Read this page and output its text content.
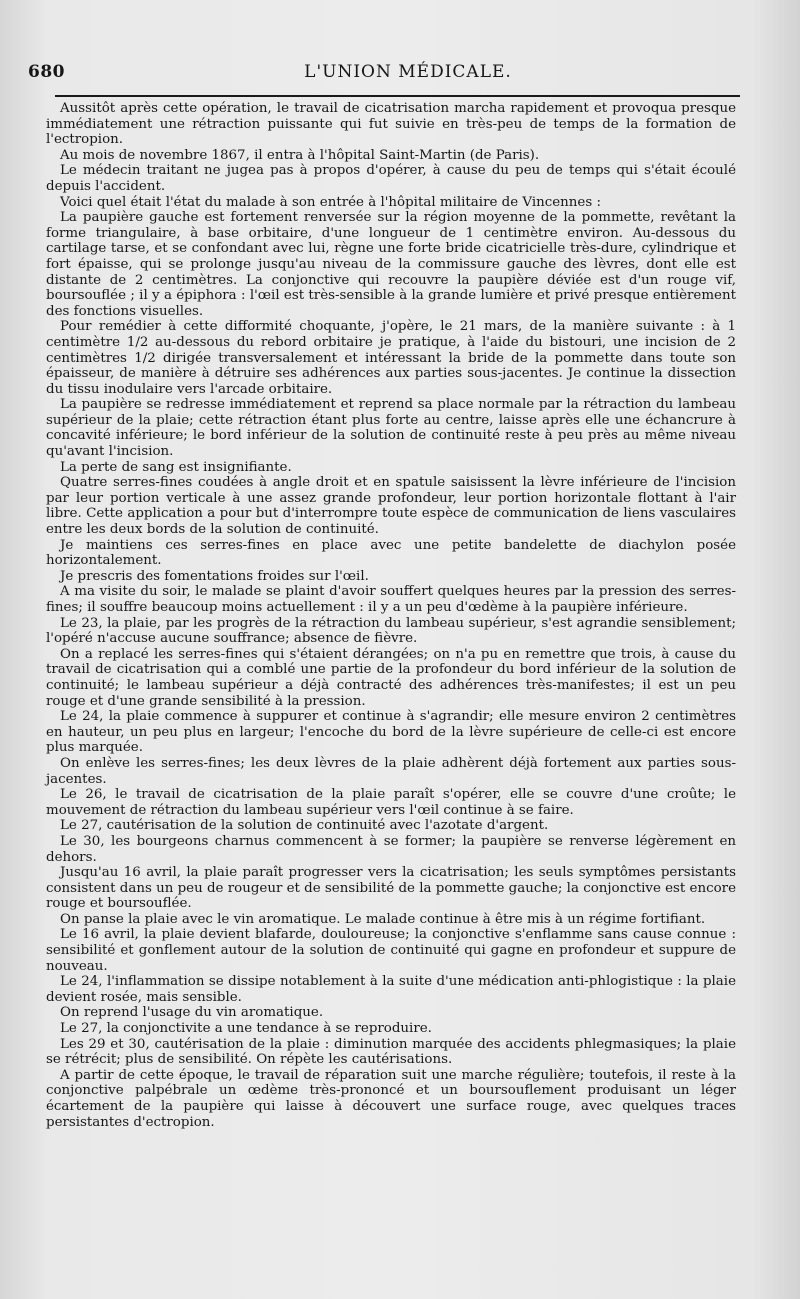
680	L'UNION MÉDICALE.

Aussitôt après cette opération, le travail de cicatrisation marcha rapidement et provoqua presque immédiatement une rétraction puissante qui fut suivie en très-peu de temps de la formation de l'ectropion.

Au mois de novembre 1867, il entra à l'hôpital Saint-Martin (de Paris).

Le médecin traitant ne jugea pas à propos d'opérer, à cause du peu de temps qui s'était écoulé depuis l'accident.

Voici quel était l'état du malade à son entrée à l'hôpital militaire de Vincennes :

La paupière gauche est fortement renversée sur la région moyenne de la pommette, revêtant la forme triangulaire, à base orbitaire, d'une longueur de 1 centimètre environ. Au-dessous du cartilage tarse, et se confondant avec lui, règne une forte bride cicatricielle très-dure, cylindrique et fort épaisse, qui se prolonge jusqu'au niveau de la commissure gauche des lèvres, dont elle est distante de 2 centimètres. La conjonctive qui recouvre la paupière déviée est d'un rouge vif, boursouflée ; il y a épiphora : l'œil est très-sensible à la grande lumière et privé presque entièrement des fonctions visuelles.

Pour remédier à cette difformité choquante, j'opère, le 21 mars, de la manière suivante : à 1 centimètre 1/2 au-dessous du rebord orbitaire je pratique, à l'aide du bistouri, une incision de 2 centimètres 1/2 dirigée transversalement et intéressant la bride de la pommette dans toute son épaisseur, de manière à détruire ses adhérences aux parties sous-jacentes. Je continue la dissection du tissu inodulaire vers l'arcade orbitaire.

La paupière se redresse immédiatement et reprend sa place normale par la rétraction du lambeau supérieur de la plaie; cette rétraction étant plus forte au centre, laisse après elle une échancrure à concavité inférieure; le bord inférieur de la solution de continuité reste à peu près au même niveau qu'avant l'incision.

La perte de sang est insignifiante.

Quatre serres-fines coudées à angle droit et en spatule saisissent la lèvre inférieure de l'incision par leur portion verticale à une assez grande profondeur, leur portion horizontale flottant à l'air libre. Cette application a pour but d'interrompre toute espèce de communication de liens vasculaires entre les deux bords de la solution de continuité.

Je maintiens ces serres-fines en place avec une petite bandelette de diachylon posée horizontalement.

Je prescris des fomentations froides sur l'œil.

A ma visite du soir, le malade se plaint d'avoir souffert quelques heures par la pression des serres-fines; il souffre beaucoup moins actuellement : il y a un peu d'œdème à la paupière inférieure.

Le 23, la plaie, par les progrès de la rétraction du lambeau supérieur, s'est agrandie sensiblement; l'opéré n'accuse aucune souffrance; absence de fièvre.

On a replacé les serres-fines qui s'étaient dérangées; on n'a pu en remettre que trois, à cause du travail de cicatrisation qui a comblé une partie de la profondeur du bord inférieur de la solution de continuité; le lambeau supérieur a déjà contracté des adhérences très-manifestes; il est un peu rouge et d'une grande sensibilité à la pression.

Le 24, la plaie commence à suppurer et continue à s'agrandir; elle mesure environ 2 centimètres en hauteur, un peu plus en largeur; l'encoche du bord de la lèvre supérieure de celle-ci est encore plus marquée.

On enlève les serres-fines; les deux lèvres de la plaie adhèrent déjà fortement aux parties sous-jacentes.

Le 26, le travail de cicatrisation de la plaie paraît s'opérer, elle se couvre d'une croûte; le mouvement de rétraction du lambeau supérieur vers l'œil continue à se faire.

Le 27, cautérisation de la solution de continuité avec l'azotate d'argent.

Le 30, les bourgeons charnus commencent à se former; la paupière se renverse légèrement en dehors.

Jusqu'au 16 avril, la plaie paraît progresser vers la cicatrisation; les seuls symptômes persistants consistent dans un peu de rougeur et de sensibilité de la pommette gauche; la conjonctive est encore rouge et boursouflée.

On panse la plaie avec le vin aromatique. Le malade continue à être mis à un régime fortifiant.

Le 16 avril, la plaie devient blafarde, douloureuse; la conjonctive s'enflamme sans cause connue : sensibilité et gonflement autour de la solution de continuité qui gagne en profondeur et suppure de nouveau.

Le 24, l'inflammation se dissipe notablement à la suite d'une médication anti-phlogistique : la plaie devient rosée, mais sensible.

On reprend l'usage du vin aromatique.

Le 27, la conjonctivite a une tendance à se reproduire.

Les 29 et 30, cautérisation de la plaie : diminution marquée des accidents phlegmasiques; la plaie se rétrécit; plus de sensibilité. On répète les cautérisations.

A partir de cette époque, le travail de réparation suit une marche régulière; toutefois, il reste à la conjonctive palpébrale un œdème très-prononcé et un boursouflement produisant un léger écartement de la paupière qui laisse à découvert une surface rouge, avec quelques traces persistantes d'ectropion.
